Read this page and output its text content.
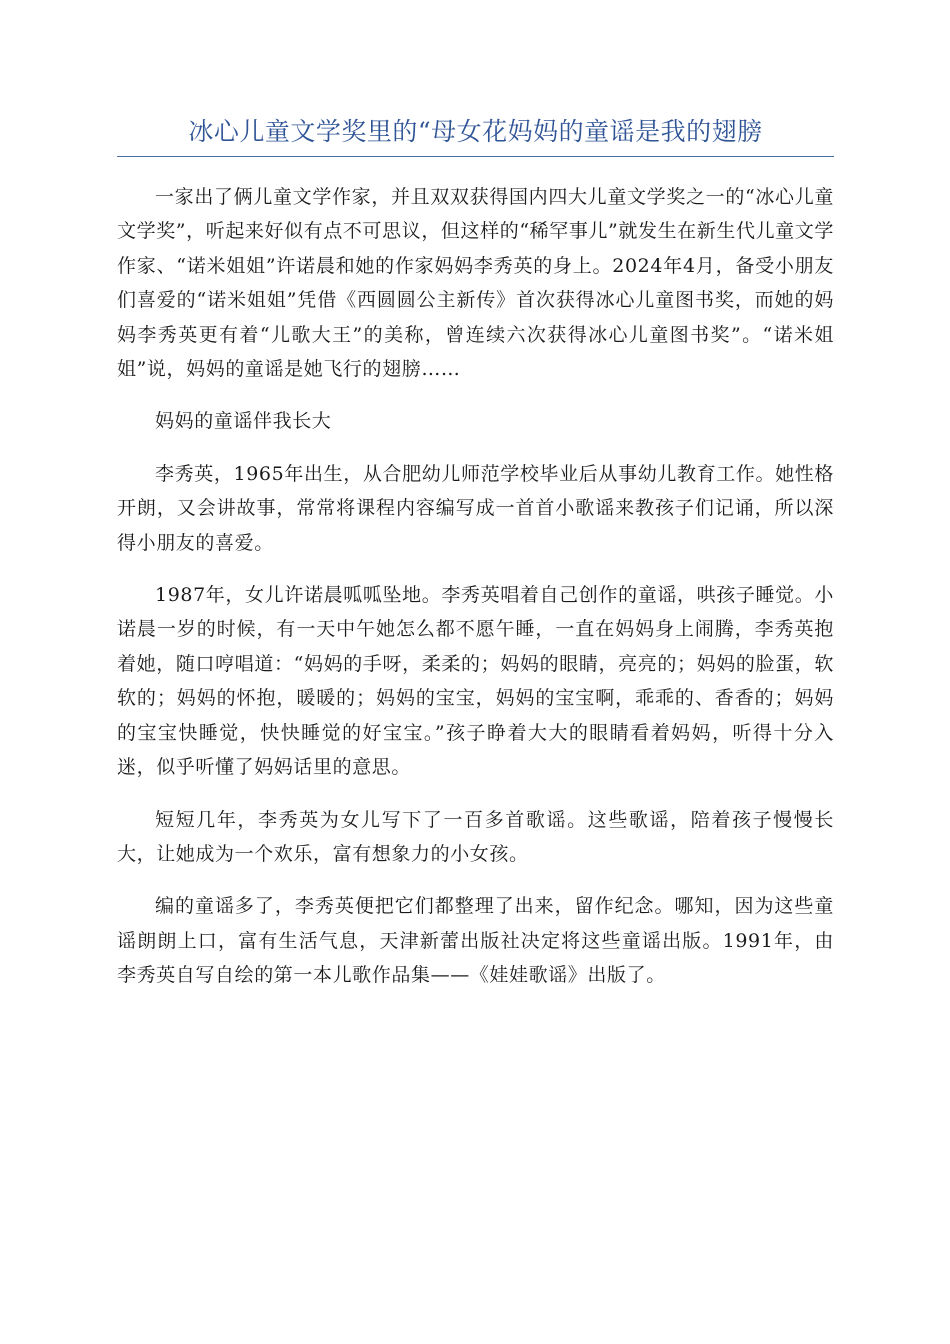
冰心儿童文学奖里的“母女花妈妈的童谣是我的翅膀

一家出了俩儿童文学作家，并且双双获得国内四大儿童文学奖之一的“冰心儿童文学奖”，听起来好似有点不可思议，但这样的“稀罕事儿”就发生在新生代儿童文学作家、“诺米姐姐”许诺晨和她的作家妈妈李秀英的身上。2024年4月，备受小朋友们喜爱的“诺米姐姐”凭借《西圆圆公主新传》首次获得冰心儿童图书奖，而她的妈妈李秀英更有着“儿歌大王”的美称，曾连续六次获得冰心儿童图书奖”。“诺米姐姐”说，妈妈的童谣是她飞行的翅膀……

妈妈的童谣伴我长大

李秀英，1965年出生，从合肥幼儿师范学校毕业后从事幼儿教育工作。她性格开朗，又会讲故事，常常将课程内容编写成一首首小歌谣来教孩子们记诵，所以深得小朋友的喜爱。

1987年，女儿许诺晨呱呱坠地。李秀英唱着自己创作的童谣，哄孩子睡觉。小诺晨一岁的时候，有一天中午她怎么都不愿午睡，一直在妈妈身上闹腾，李秀英抱着她，随口哼唱道：“妈妈的手呀，柔柔的；妈妈的眼睛，亮亮的；妈妈的脸蛋，软软的；妈妈的怀抱，暖暖的；妈妈的宝宝，妈妈的宝宝啊，乖乖的、香香的；妈妈的宝宝快睡觉，快快睡觉的好宝宝。”孩子睁着大大的眼睛看着妈妈，听得十分入迷，似乎听懂了妈妈话里的意思。

短短几年，李秀英为女儿写下了一百多首歌谣。这些歌谣，陪着孩子慢慢长大，让她成为一个欢乐，富有想象力的小女孩。

编的童谣多了，李秀英便把它们都整理了出来，留作纪念。哪知，因为这些童谣朗朗上口，富有生活气息，天津新蕾出版社决定将这些童谣出版。1991年，由李秀英自写自绘的第一本儿歌作品集——《娃娃歌谣》出版了。
